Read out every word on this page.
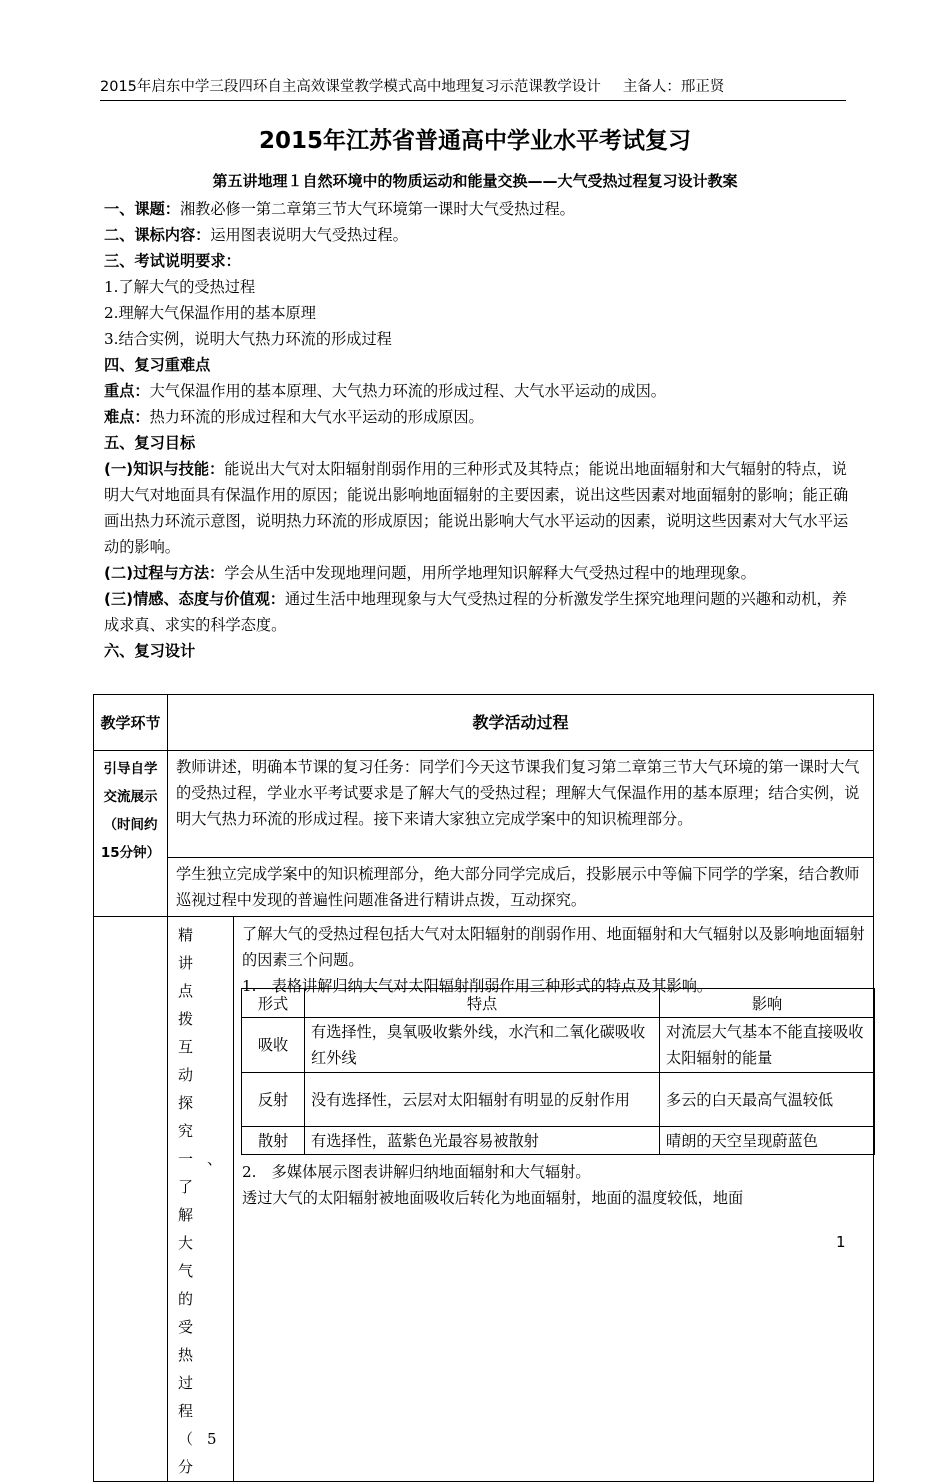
2015年启东中学三段四环自主高效课堂教学模式高中地理复习示范课教学设计 主备人：邢正贤
2015年江苏省普通高中学业水平考试复习
第五讲地理１自然环境中的物质运动和能量交换——大气受热过程复习设计教案

一、课题：湘教必修一第二章第三节大气环境第一课时大气受热过程。

二、课标内容：运用图表说明大气受热过程。

三、考试说明要求：

1.了解大气的受热过程

2.理解大气保温作用的基本原理

3.结合实例，说明大气热力环流的形成过程

四、复习重难点

重点：大气保温作用的基本原理、大气热力环流的形成过程、大气水平运动的成因。

难点：热力环流的形成过程和大气水平运动的形成原因。

五、复习目标

(一)知识与技能：能说出大气对太阳辐射削弱作用的三种形式及其特点；能说出地面辐射和大气辐射的特点，说明大气对地面具有保温作用的原因；能说出影响地面辐射的主要因素，说出这些因素对地面辐射的影响；能正确画出热力环流示意图，说明热力环流的形成原因；能说出影响大气水平运动的因素，说明这些因素对大气水平运动的影响。

(二)过程与方法：学会从生活中发现地理问题，用所学地理知识解释大气受热过程中的地理现象。

(三)情感、态度与价值观：通过生活中地理现象与大气受热过程的分析激发学生探究地理问题的兴趣和动机，养成求真、求实的科学态度。

六、复习设计

教学环节	教学活动过程	
引导自学交流展示（时间约15分钟）	教师讲述，明确本节课的复习任务：同学们今天这节课我们复习第二章第三节大气环境的第一课时大气的受热过程，学业水平考试要求是了解大气的受热过程；理解大气保温作用的基本原理；结合实例，说明大气热力环流的形成过程。接下来请大家独立完成学案中的知识梳理部分。	
	学生独立完成学案中的知识梳理部分，绝大部分同学完成后，投影展示中等偏下同学的学案，结合教师巡视过程中发现的普遍性问题准备进行精讲点拨，互动探究。	
	精讲点拨互动探究一、了解大气的受热过程（5分	了解大气的受热过程包括大气对太阳辐射的削弱作用、地面辐射和大气辐射以及影响地面辐射的因素三个问题。
1.　表格讲解归纳大气对太阳辐射削弱作用三种形式的特点及其影响。
2.　多媒体展示图表讲解归纳地面辐射和大气辐射。
透过大气的太阳辐射被地面吸收后转化为地面辐射，地面的温度较低，地面
形式	特点	影响
吸收	有选择性，臭氧吸收紫外线，水汽和二氧化碳吸收红外线	对流层大气基本不能直接吸收太阳辐射的能量
反射	没有选择性，云层对太阳辐射有明显的反射作用	多云的白天最高气温较低
散射	有选择性，蓝紫色光最容易被散射	晴朗的天空呈现蔚蓝色
1
